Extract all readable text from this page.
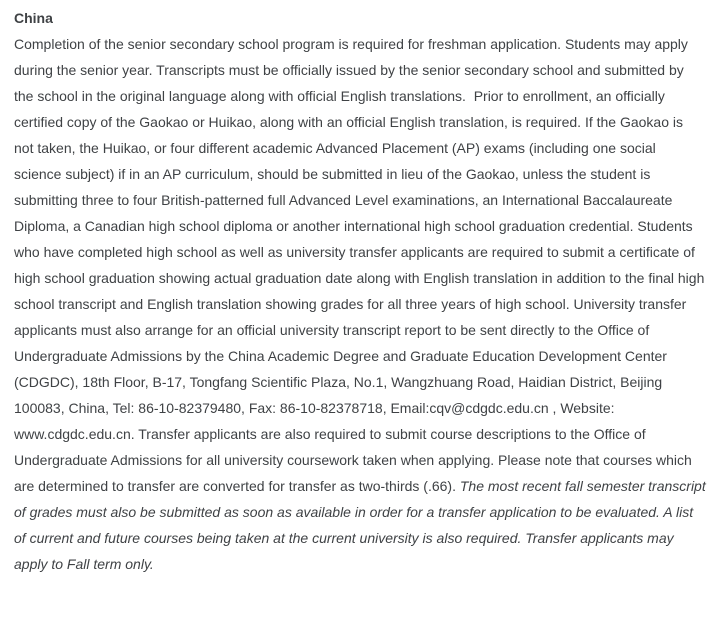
China

Completion of the senior secondary school program is required for freshman application. Students may apply during the senior year. Transcripts must be officially issued by the senior secondary school and submitted by the school in the original language along with official English translations.  Prior to enrollment, an officially certified copy of the Gaokao or Huikao, along with an official English translation, is required. If the Gaokao is not taken, the Huikao, or four different academic Advanced Placement (AP) exams (including one social science subject) if in an AP curriculum, should be submitted in lieu of the Gaokao, unless the student is submitting three to four British-patterned full Advanced Level examinations, an International Baccalaureate Diploma, a Canadian high school diploma or another international high school graduation credential. Students who have completed high school as well as university transfer applicants are required to submit a certificate of high school graduation showing actual graduation date along with English translation in addition to the final high school transcript and English translation showing grades for all three years of high school. University transfer applicants must also arrange for an official university transcript report to be sent directly to the Office of Undergraduate Admissions by the China Academic Degree and Graduate Education Development Center (CDGDC), 18th Floor, B-17, Tongfang Scientific Plaza, No.1, Wangzhuang Road, Haidian District, Beijing 100083, China, Tel: 86-10-82379480, Fax: 86-10-82378718, Email:cqv@cdgdc.edu.cn , Website: www.cdgdc.edu.cn. Transfer applicants are also required to submit course descriptions to the Office of Undergraduate Admissions for all university coursework taken when applying. Please note that courses which are determined to transfer are converted for transfer as two-thirds (.66). The most recent fall semester transcript of grades must also be submitted as soon as available in order for a transfer application to be evaluated. A list of current and future courses being taken at the current university is also required. Transfer applicants may apply to Fall term only.
